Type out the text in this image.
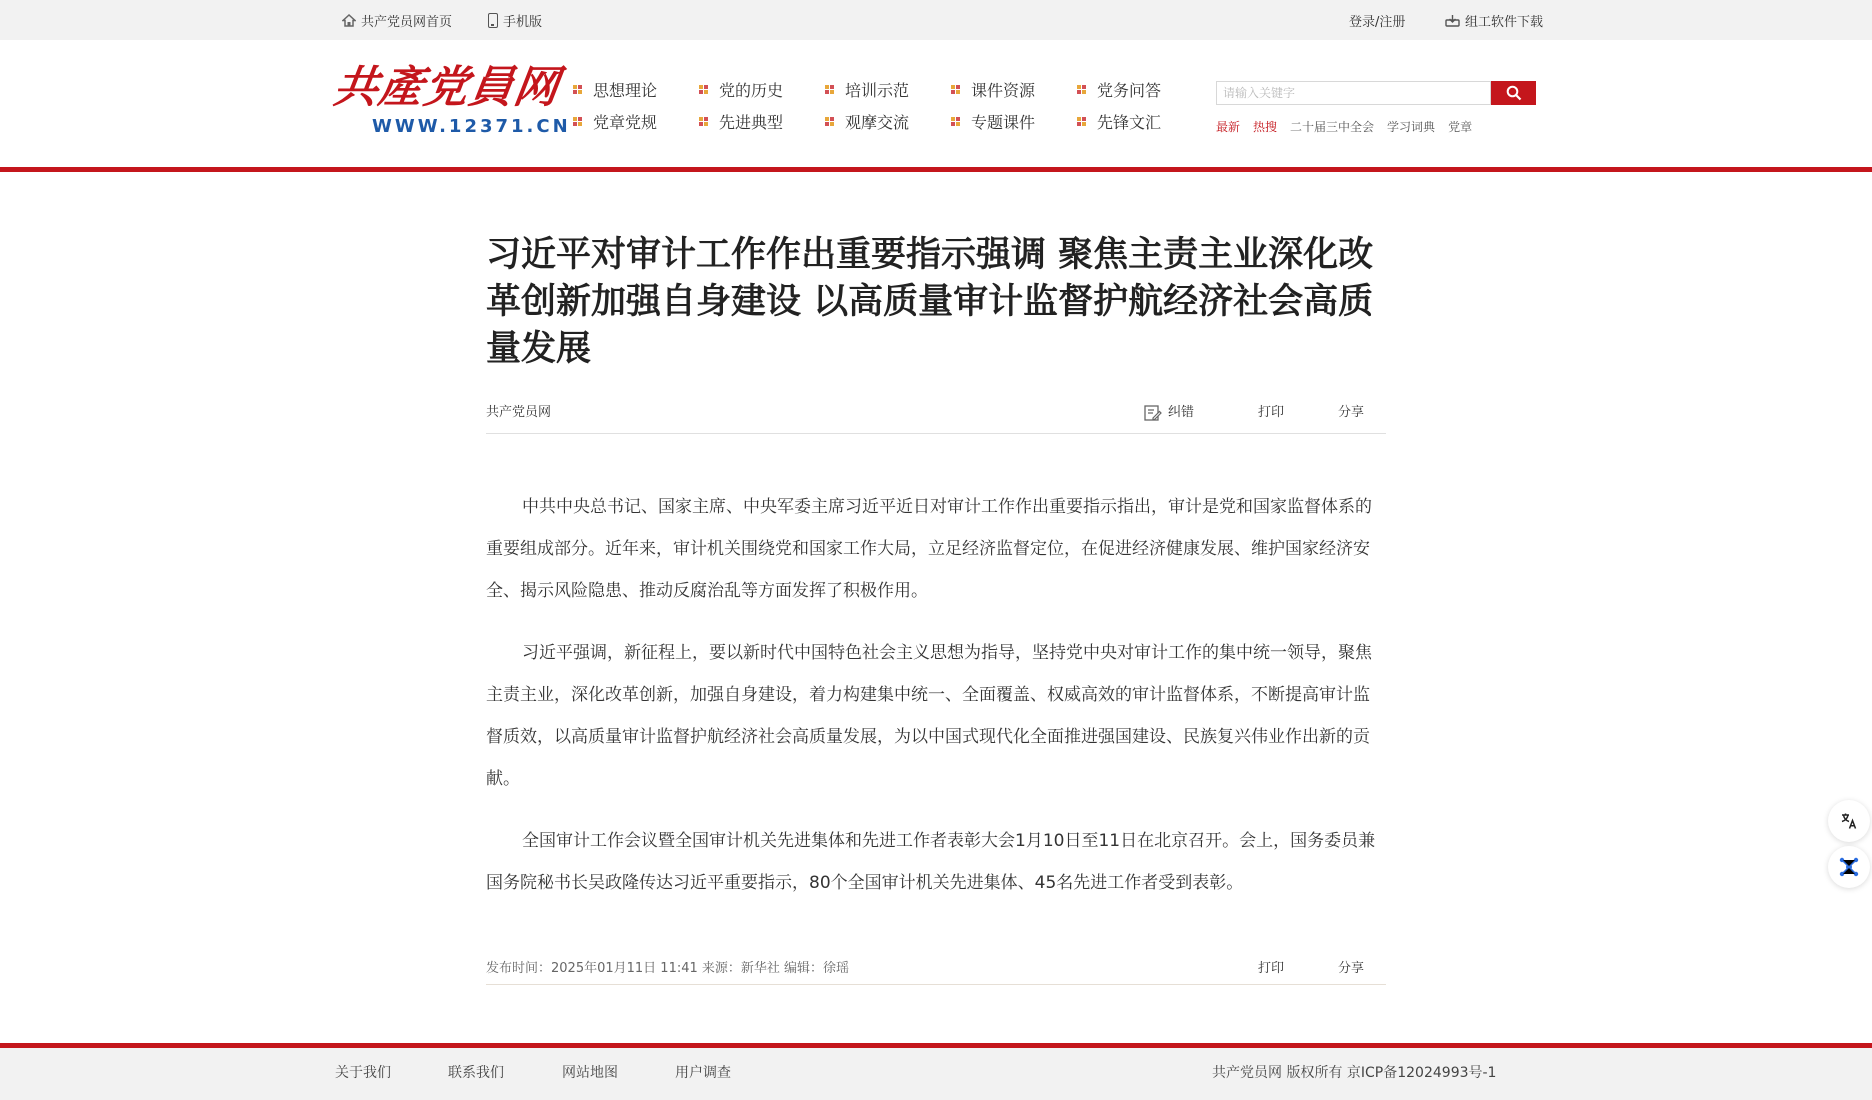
共产党员网首页	手机版	登录/注册	组工软件下载
共產党員网
WWW.12371.CN
思想理论	党的历史	培训示范	课件资源	党务问答
党章党规	先进典型	观摩交流	专题课件	先锋文汇
请输入关键字	最新 热搜 二十届三中全会 学习词典 党章
习近平对审计工作作出重要指示强调 聚焦主责主业深化改革创新加强自身建设 以高质量审计监督护航经济社会高质量发展
共产党员网	纠错	打印	分享

中共中央总书记、国家主席、中央军委主席习近平近日对审计工作作出重要指示指出，审计是党和国家监督体系的重要组成部分。近年来，审计机关围绕党和国家工作大局，立足经济监督定位，在促进经济健康发展、维护国家经济安全、揭示风险隐患、推动反腐治乱等方面发挥了积极作用。

习近平强调，新征程上，要以新时代中国特色社会主义思想为指导，坚持党中央对审计工作的集中统一领导，聚焦主责主业，深化改革创新，加强自身建设，着力构建集中统一、全面覆盖、权威高效的审计监督体系，不断提高审计监督质效，以高质量审计监督护航经济社会高质量发展，为以中国式现代化全面推进强国建设、民族复兴伟业作出新的贡献。

全国审计工作会议暨全国审计机关先进集体和先进工作者表彰大会1月10日至11日在北京召开。会上，国务委员兼国务院秘书长吴政隆传达习近平重要指示，80个全国审计机关先进集体、45名先进工作者受到表彰。

发布时间：2025年01月11日 11:41 来源：新华社 编辑：徐瑶	打印	分享
关于我们	联系我们	网站地图	用户调查	共产党员网 版权所有 京ICP备12024993号-1
